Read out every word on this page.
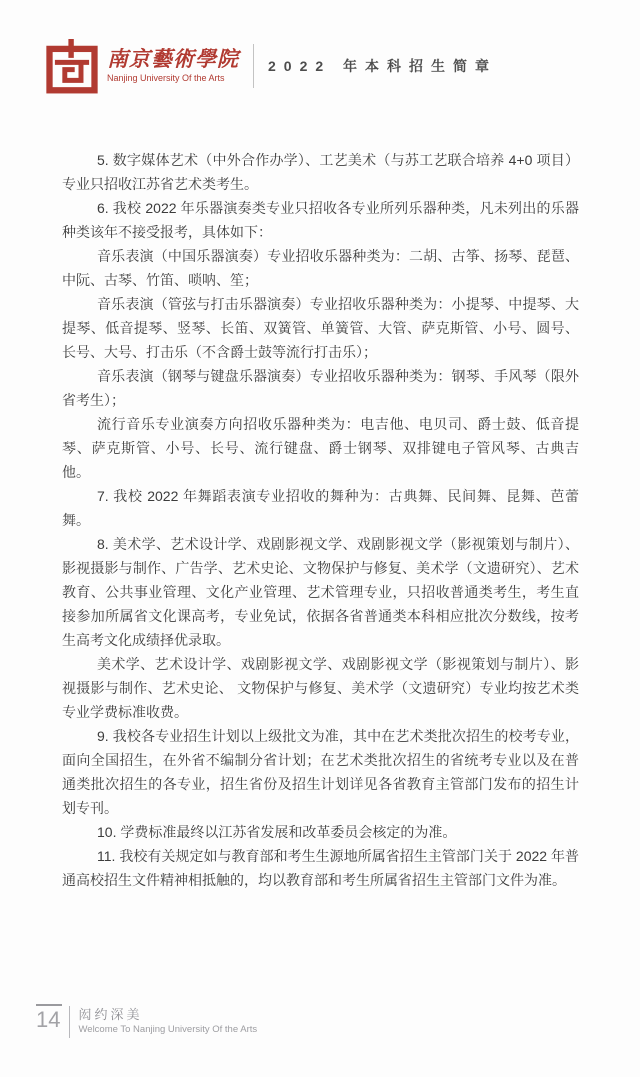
南京藝術學院
Nanjing University Of the Arts
2022 年本科招生简章

5. 数字媒体艺术（中外合作办学）、工艺美术（与苏工艺联合培养 4+0 项目）专业只招收江苏省艺术类考生。

6. 我校 2022 年乐器演奏类专业只招收各专业所列乐器种类，凡未列出的乐器种类该年不接受报考，具体如下：

音乐表演（中国乐器演奏）专业招收乐器种类为：二胡、古筝、扬琴、琵琶、中阮、古琴、竹笛、唢呐、笙；

音乐表演（管弦与打击乐器演奏）专业招收乐器种类为：小提琴、中提琴、大提琴、低音提琴、竖琴、长笛、双簧管、单簧管、大管、萨克斯管、小号、圆号、长号、大号、打击乐（不含爵士鼓等流行打击乐）；

音乐表演（钢琴与键盘乐器演奏）专业招收乐器种类为：钢琴、手风琴（限外省考生）；

流行音乐专业演奏方向招收乐器种类为：电吉他、电贝司、爵士鼓、低音提琴、萨克斯管、小号、长号、流行键盘、爵士钢琴、双排键电子管风琴、古典吉他。

7. 我校 2022 年舞蹈表演专业招收的舞种为：古典舞、民间舞、昆舞、芭蕾舞。

8. 美术学、艺术设计学、戏剧影视文学、戏剧影视文学（影视策划与制片）、影视摄影与制作、广告学、艺术史论、文物保护与修复、美术学（文遗研究）、艺术教育、公共事业管理、文化产业管理、艺术管理专业，只招收普通类考生，考生直接参加所属省文化课高考，专业免试，依据各省普通类本科相应批次分数线，按考生高考文化成绩择优录取。

美术学、艺术设计学、戏剧影视文学、戏剧影视文学（影视策划与制片）、影视摄影与制作、艺术史论、 文物保护与修复、美术学（文遗研究）专业均按艺术类专业学费标准收费。

9. 我校各专业招生计划以上级批文为准，其中在艺术类批次招生的校考专业，面向全国招生，在外省不编制分省计划；在艺术类批次招生的省统考专业以及在普通类批次招生的各专业，招生省份及招生计划详见各省教育主管部门发布的招生计划专刊。

10. 学费标准最终以江苏省发展和改革委员会核定的为准。

11. 我校有关规定如与教育部和考生生源地所属省招生主管部门关于 2022 年普通高校招生文件精神相抵触的，均以教育部和考生所属省招生主管部门文件为准。

14 闳约深美
Welcome To Nanjing University Of the Arts
